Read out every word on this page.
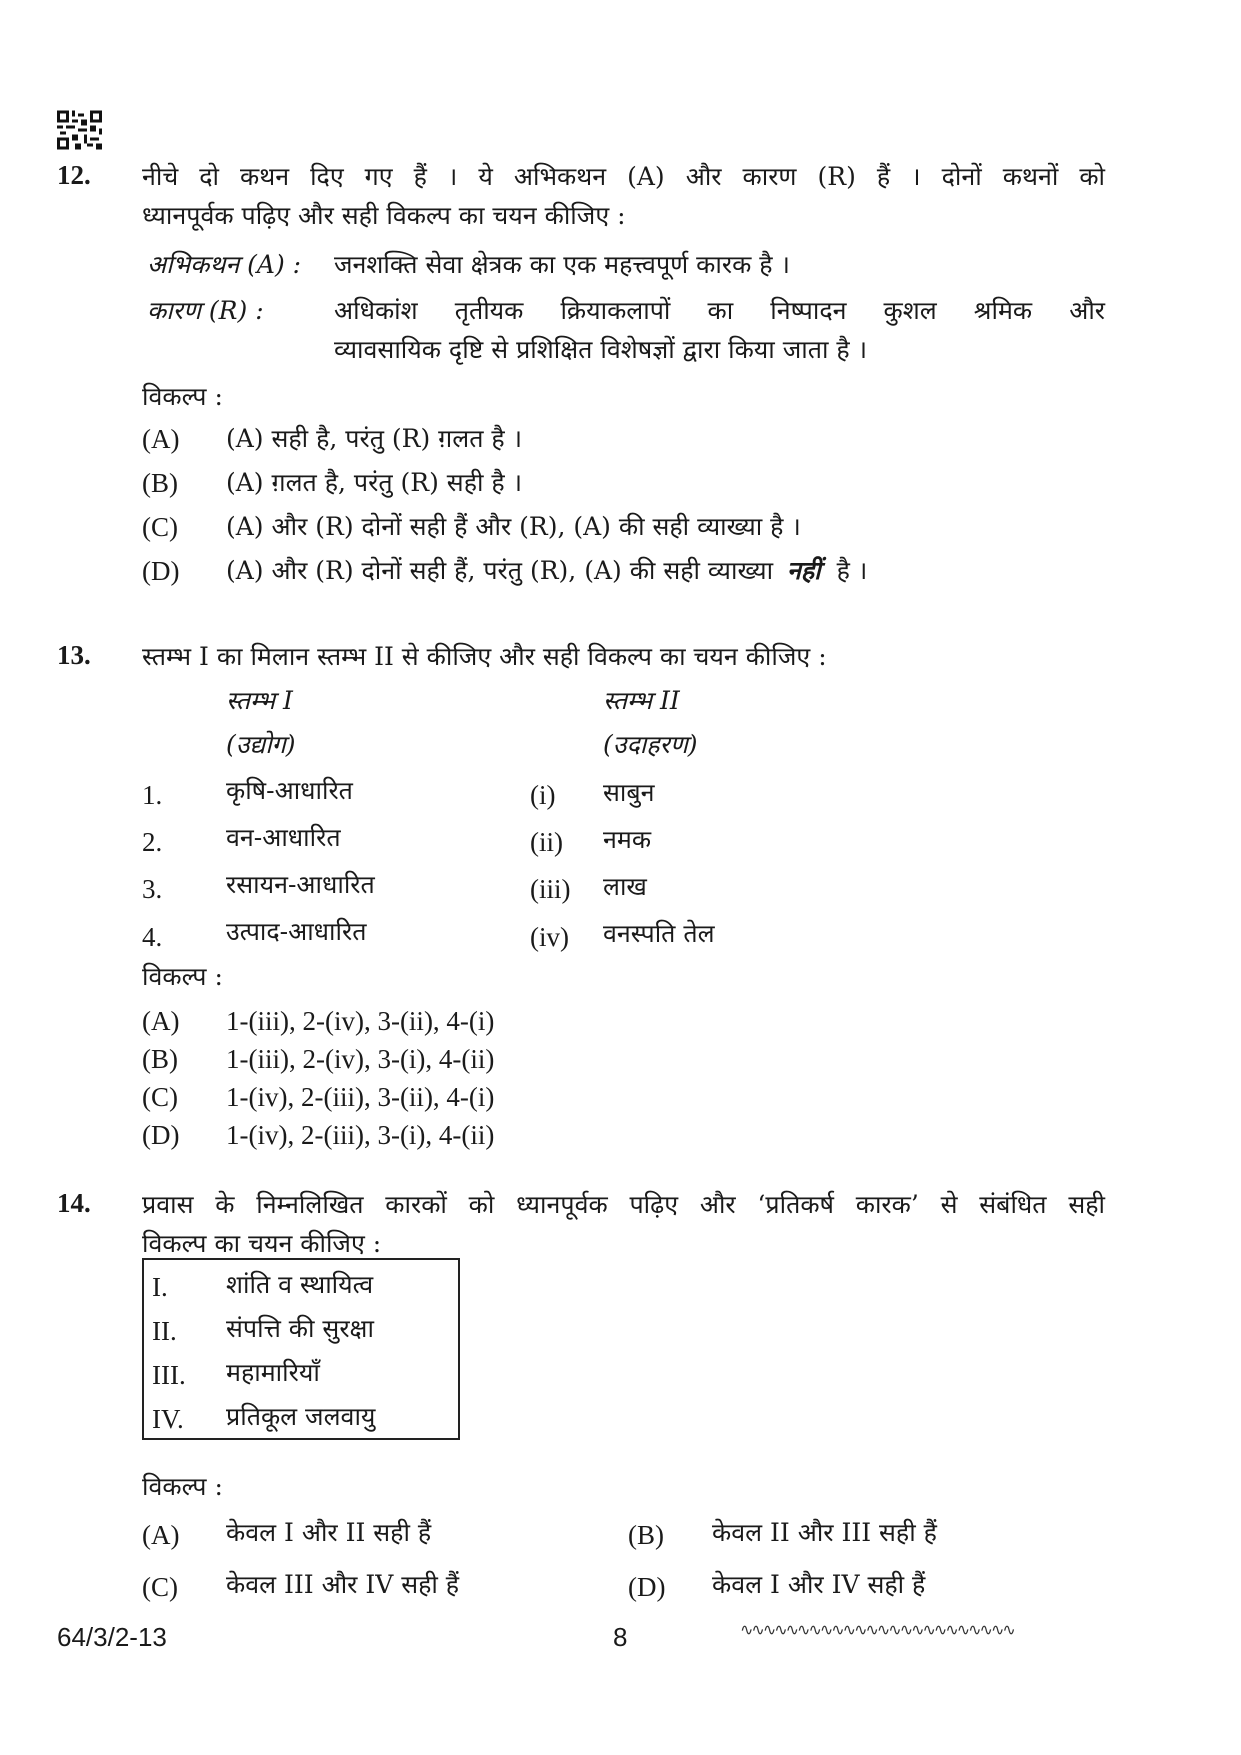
12. नीचे दो कथन दिए गए हैं । ये अभिकथन (A) और कारण (R) हैं । दोनों कथनों को
ध्यानपूर्वक पढ़िए और सही विकल्प का चयन कीजिए :
अभिकथन (A) : जनशक्ति सेवा क्षेत्रक का एक महत्त्वपूर्ण कारक है ।
कारण (R) :	अधिकांश तृतीयक क्रियाकलापों का निष्पादन कुशल श्रमिक और
व्यावसायिक दृष्टि से प्रशिक्षित विशेषज्ञों द्वारा किया जाता है ।
विकल्प :
(A) (A) सही है, परंतु (R) ग़लत है ।
(B) (A) ग़लत है, परंतु (R) सही है ।
(C) (A) और (R) दोनों सही हैं और (R), (A) की सही व्याख्या है ।
(D) (A) और (R) दोनों सही हैं, परंतु (R), (A) की सही व्याख्या नहीं है ।
13. स्तम्भ I का मिलान स्तम्भ II से कीजिए और सही विकल्प का चयन कीजिए :
स्तम्भ I
(उद्योग)
स्तम्भ II
(उदाहरण)
1.	कृषि-आधारित	(i) साबुन
2.	वन-आधारित	(ii) नमक
3.	रसायन-आधारित	(iii) लाख
4.	उत्पाद-आधारित	(iv) वनस्पति तेल
विकल्प :
(A) 1-(iii), 2-(iv), 3-(ii), 4-(i)
(B) 1-(iii), 2-(iv), 3-(i), 4-(ii)
(C) 1-(iv), 2-(iii), 3-(ii), 4-(i)
(D) 1-(iv), 2-(iii), 3-(i), 4-(ii)
14. प्रवास के निम्नलिखित कारकों को ध्यानपूर्वक पढ़िए और ‘प्रतिकर्ष कारक’ से संबंधित सही
विकल्प का चयन कीजिए :
I. शांति व स्थायित्व
II. संपत्ति की सुरक्षा
III. महामारियाँ
IV. प्रतिकूल जलवायु
विकल्प :
(A) केवल I और II सही हैं	(B) केवल II और III सही हैं
(C) केवल III और IV सही हैं	(D) केवल I और IV सही हैं
64/3/2-13	8	∿∿∿∿∿∿∿∿∿∿∿∿∿∿∿∿∿∿∿∿∿∿∿∿
